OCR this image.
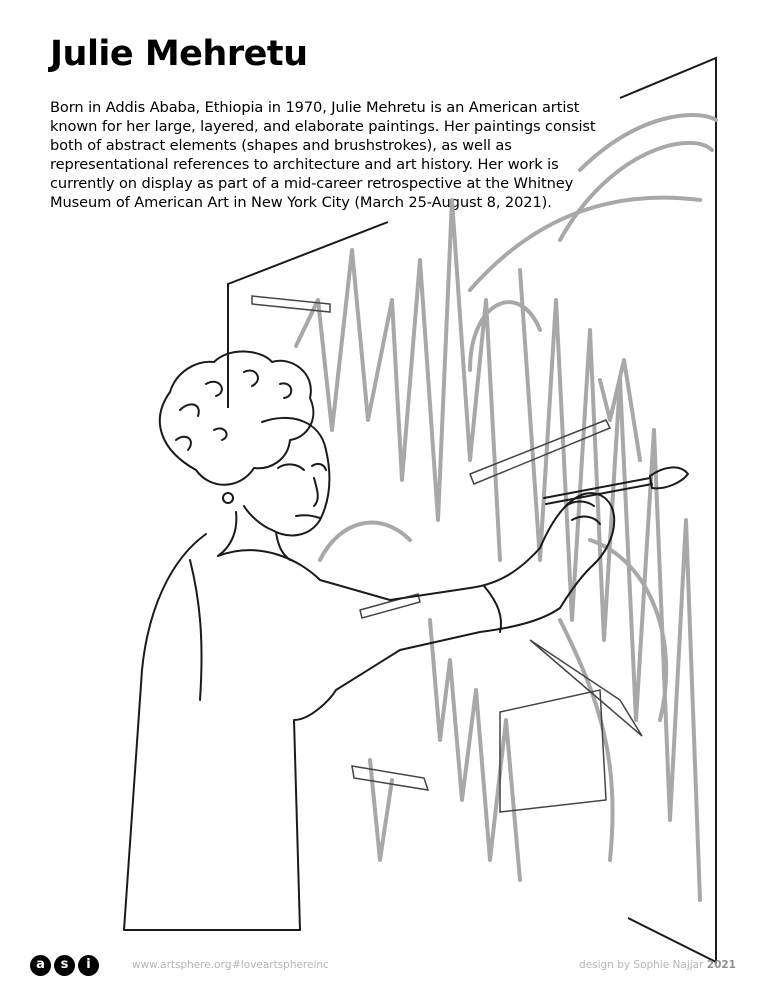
Julie Mehretu

Born in Addis Ababa, Ethiopia in 1970, Julie Mehretu is an American artist known for her large, layered, and elaborate paintings. Her paintings consist both of abstract elements (shapes and brushstrokes), as well as representational references to architecture and art history. Her work is currently on display as part of a mid-career retrospective at the Whitney Museum of American Art in New York City (March 25-August 8, 2021).

a	s	i	www.artsphere.org #loveartsphereinc	design by Sophie Najjar 2021
